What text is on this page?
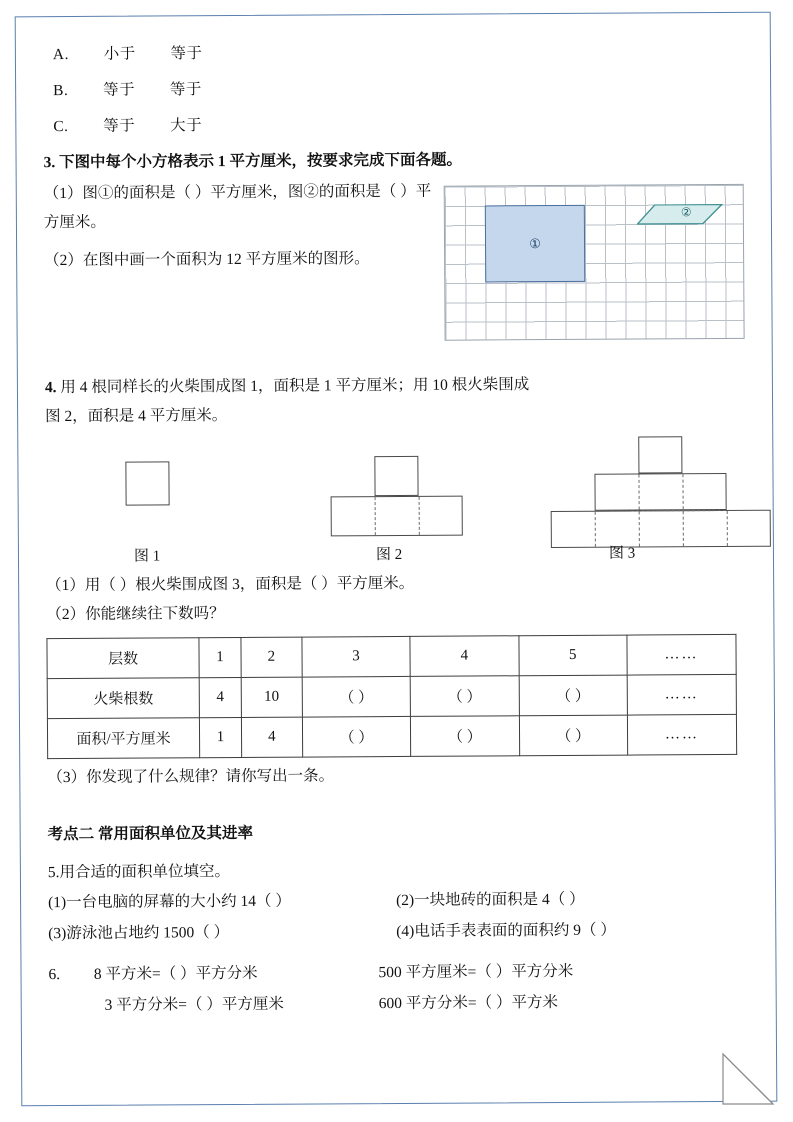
A. 小于 等于
B. 等于 等于
C. 等于 大于
3. 下图中每个小方格表示 1 平方厘米，按要求完成下面各题。

（1）图①的面积是（ ）平方厘米，图②的面积是（ ）平方厘米。

（2）在图中画一个面积为 12 平方厘米的图形。

①
②
4. 用 4 根同样长的火柴围成图 1，面积是 1 平方厘米；用 10 根火柴围成
图 2，面积是 4 平方厘米。
图 1	图 2	图 3
（1）用（ ）根火柴围成图 3，面积是（ ）平方厘米。
（2）你能继续往下数吗？
层数	1	2	3	4	5	……
火柴根数	4	10	（ ）	（ ）	（ ）	……
面积/平方厘米	1	4	（ ）	（ ）	（ ）	……
（3）你发现了什么规律？请你写出一条。
考点二 常用面积单位及其进率
5.用合适的面积单位填空。
(1)一台电脑的屏幕的大小约 14（ ）	(2)一块地砖的面积是 4（ ）
(3)游泳池占地约 1500（ ）	(4)电话手表表面的面积约 9（ ）
6. 8 平方米=（ ）平方分米	500 平方厘米=（ ）平方分米
3 平方分米=（ ）平方厘米	600 平方分米=（ ）平方米
